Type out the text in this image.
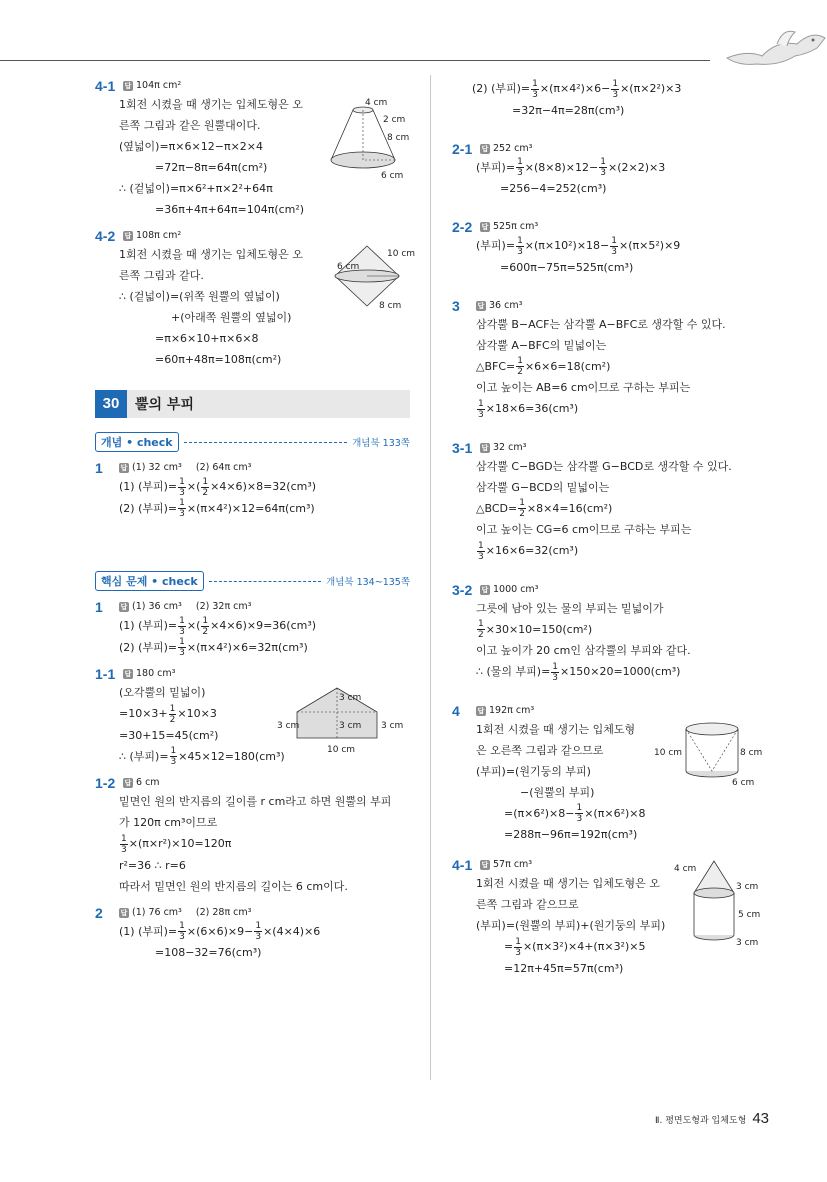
4-1	답 104π cm²
1회전 시켰을 때 생기는 입체도형은 오
른쪽 그림과 같은 원뿔대이다.
(옆넓이)=π×6×12−π×2×4
=72π−8π=64π(cm²)
∴ (겉넓이)=π×6²+π×2²+64π
=36π+4π+64π=104π(cm²)
4 cm
2 cm
8 cm
6 cm
4-2	답 108π cm²
1회전 시켰을 때 생기는 입체도형은 오
른쪽 그림과 같다.
∴ (겉넓이)=(위쪽 원뿔의 옆넓이)
+(아래쪽 원뿔의 옆넓이)
=π×6×10+π×6×8
=60π+48π=108π(cm²)
6 cm
10 cm
8 cm
30	뿔의 부피
개념 • check	개념북 133쪽
1	답 (1) 32 cm³ (2) 64π cm³
(1) (부피)= $\frac{1}{3}$ ×( $\frac{1}{2} \times 4\times 6)\times 8=32(cm^3)$
(2) (부피)= $\frac{1}{3} \times(\pi\times 4^2)\times 12=64\pi(cm^3)$
핵심 문제 • check	개념북 134~135쪽
1	답 (1) 36 cm³ (2) 32π cm³
(1) (부피)= $\frac{1}{3}$ ×( $\frac{1}{2} \times 4\times 6)\times 9=36(cm^3)$
(2) (부피)= $\frac{1}{3} \times(\pi\times 4^2)\times 6=32\pi(cm^3)$
1-1	답 180 cm³
(오각뿔의 밑넓이)
$=10\times 3+ \frac{1}{2} \times 10\times 3$
=30+15=45(cm²)
∴ (부피)= $\frac{1}{3} \times 45\times 12=180(cm^3)$
3 cm
3 cm	3 cm 3 cm
10 cm
1-2	답 6 cm
밑면인 원의 반지름의 길이를 r cm라고 하면 원뿔의 부피
가 120π cm³이므로
$\frac{1}{3} \times(\pi\times r^2)\times 10=120\pi$
r²=36 ∴ r=6
따라서 밑면인 원의 반지름의 길이는 6 cm이다.
2	답 (1) 76 cm³ (2) 28π cm³
(1) (부피)= $\frac{1}{3} \times(6\times 6)\times 9- \frac{1}{3} \times(4\times 4)\times 6$
=108−32=76(cm³)
(2) (부피)= $\frac{1}{3} \times(\pi\times 4^2)\times 6- \frac{1}{3} \times(\pi\times 2^2)\times 3$
=32π−4π=28π(cm³)
2-1	답 252 cm³
(부피)= $\frac{1}{3} \times(8\times 8)\times 12- \frac{1}{3} \times(2\times 2)\times 3$
=256−4=252(cm³)
2-2	답 525π cm³
(부피)= $\frac{1}{3} \times(\pi\times 10^2)\times 18- \frac{1}{3} \times(\pi\times 5^2)\times 9$
=600π−75π=525π(cm³)
3	답 36 cm³
삼각뿔 B−ACF는 삼각뿔 A−BFC로 생각할 수 있다.
삼각뿔 A−BFC의 밑넓이는
△BFC= $\frac{1}{2} \times 6\times 6=18(cm^2)$
이고 높이는 AB=6 cm이므로 구하는 부피는
$\frac{1}{3} \times 18\times 6=36(cm^3)$
3-1	답 32 cm³
삼각뿔 C−BGD는 삼각뿔 G−BCD로 생각할 수 있다.
삼각뿔 G−BCD의 밑넓이는
△BCD= $\frac{1}{2} \times 8\times 4=16(cm^2)$
이고 높이는 CG=6 cm이므로 구하는 부피는
$\frac{1}{3} \times 16\times 6=32(cm^3)$
3-2	답 1000 cm³
그릇에 남아 있는 물의 부피는 밑넓이가
$\frac{1}{2} \times 30\times 10=150(cm^2)$
이고 높이가 20 cm인 삼각뿔의 부피와 같다.
∴ (물의 부피)= $\frac{1}{3} \times 150\times 20=1000(cm^3)$
4	답 192π cm³
1회전 시켰을 때 생기는 입체도형
은 오른쪽 그림과 같으므로
(부피)=(원기둥의 부피)
−(원뿔의 부피)
$=(\pi\times 6^2)\times 8- \frac{1}{3} \times(\pi\times 6^2)\times 8$
=288π−96π=192π(cm³)
10 cm	8 cm
6 cm
4-1	답 57π cm³
1회전 시켰을 때 생기는 입체도형은 오
른쪽 그림과 같으므로
(부피)=(원뿔의 부피)+(원기둥의 부피)
= $\frac{1}{3} \times(\pi\times 3^2)\times 4+(\pi\times 3^2)\times 5$
=12π+45π=57π(cm³)
4 cm
3 cm
5 cm
3 cm
Ⅱ. 평면도형과 입체도형 43
